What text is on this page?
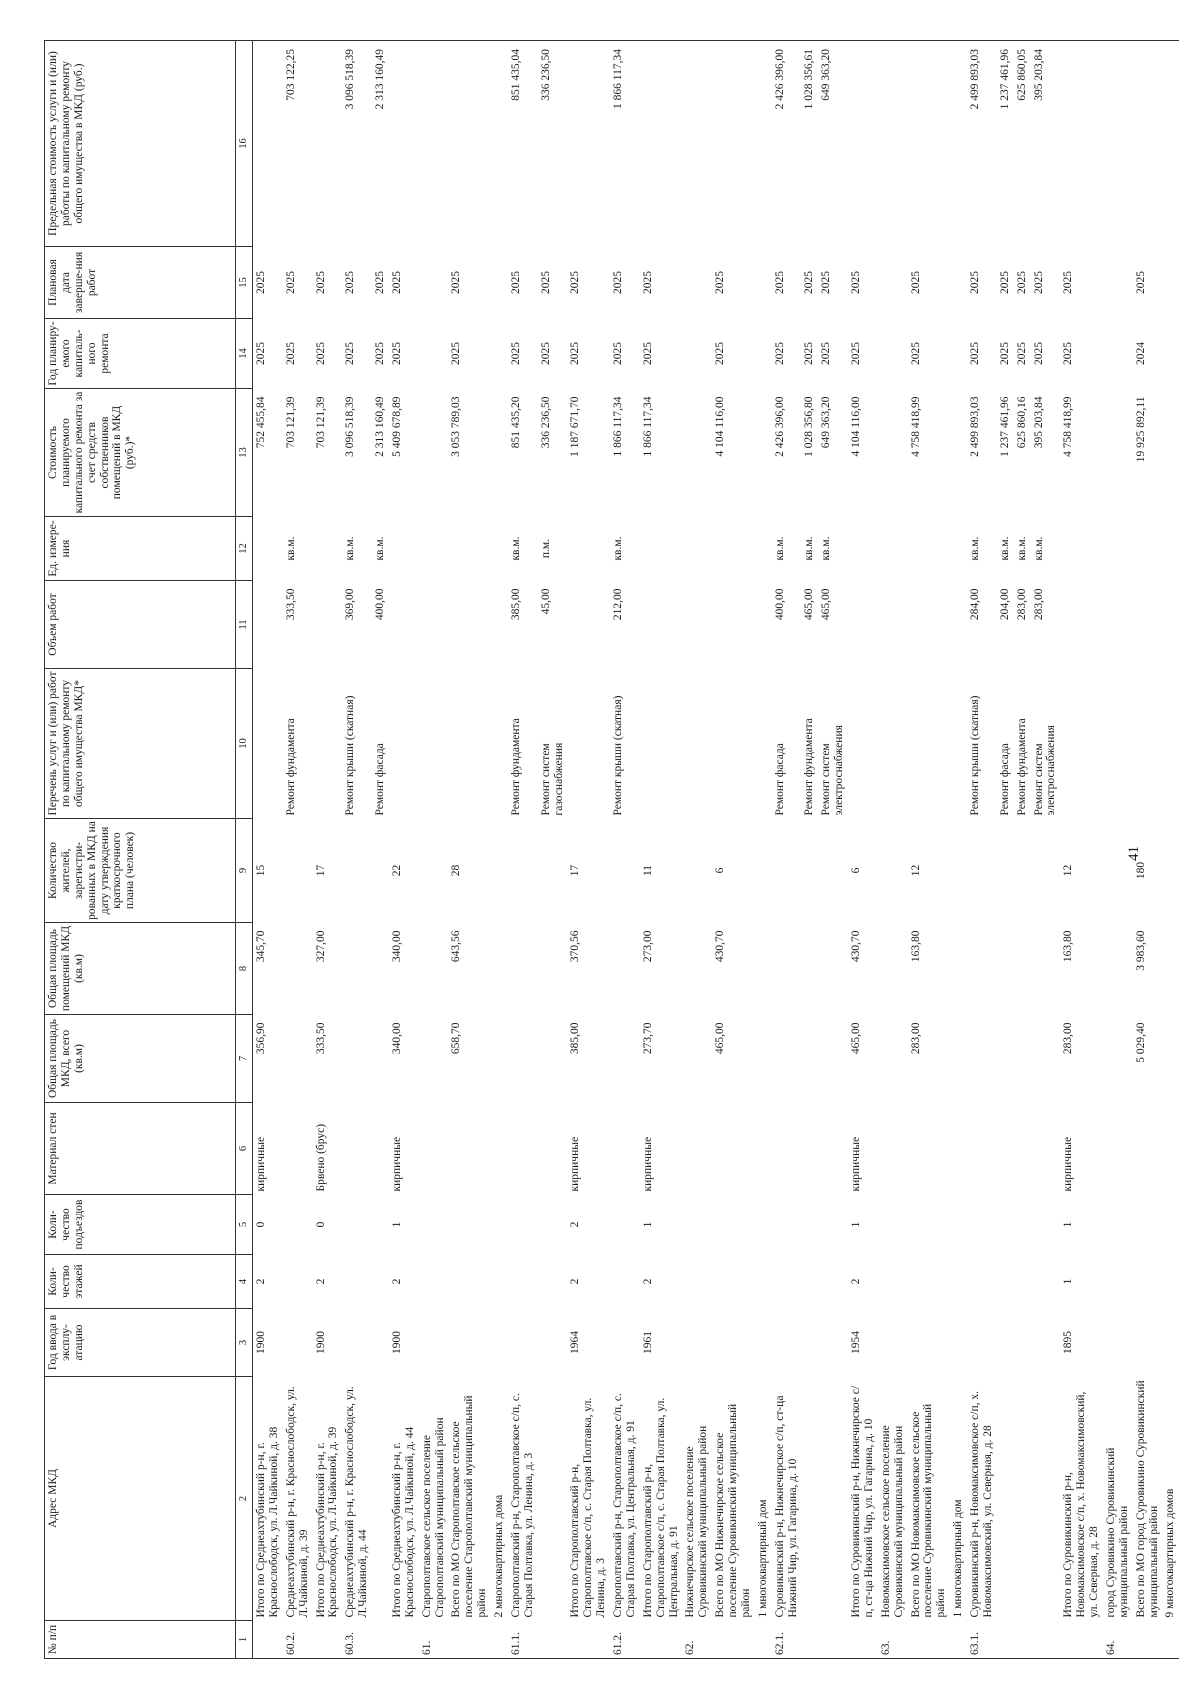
41
№ п/п	Адрес МКД	Год ввода в эксплу-атацию	Коли-чество этажей	Коли-чество подъездов	Материал стен	Общая площадь МКД, всего (кв.м)	Общая площадь помещений МКД (кв.м)	Количество жителей, зарегистри-рованных в МКД на дату утверждения краткосрочного плана (человек)	Перечень услуг и (или) работ по капитальному ремонту общего имущества МКД*	Объем работ	Ед. измере-ния	Стоимость планируемого капитального ремонта за счет средств собственников помещений в МКД (руб.)*	Год планиру-емого капиталь-ного ремонта	Плановая дата заверше-ния работ	Предельная стоимость услуги и (или) работы по капитальному ремонту общего имущества в МКД (руб.)
1	2	3	4	5	6	7	8	9	10	11	12	13	14	15	16
	Итого по Среднеахтубинский р-н, г. Краснослободск, ул. Л.Чайкиной, д. 38	1900	2	0	кирпичные	356,90	345,70	15				752 455,84	2025	2025	
60.2.	Среднеахтубинский р-н, г. Краснослободск, ул. Л.Чайкиной, д. 39								Ремонт фундамента	333,50	кв.м.	703 121,39	2025	2025	703 122,25
	Итого по Среднеахтубинский р-н, г. Краснослободск, ул. Л.Чайкиной, д. 39	1900	2	0	Брвено (брус)	333,50	327,00	17				703 121,39	2025	2025	
60.3.	Среднеахтубинский р-н, г. Краснослободск, ул. Л.Чайкиной, д. 44								Ремонт крыши (скатная)	369,00	кв.м.	3 096 518,39	2025	2025	3 096 518,39
									Ремонт фасада	400,00	кв.м.	2 313 160,49	2025	2025	2 313 160,49
	Итого по Среднеахтубинский р-н, г. Краснослободск, ул. Л.Чайкиной, д. 44	1900	2	1	кирпичные	340,00	340,00	22				5 409 678,89	2025	2025	
61.	Старополтавское сельское поселение Старополтавский муниципальный район														
	Всего по МО Старополтавское сельское поселение Старополтавский муниципальный район					658,70	643,56	28				3 053 789,03	2025	2025	
	2 многоквартирных дома														
61.1.	Старополтавский р-н, Старополтавское с/п, с. Старая Полтавка, ул. Ленина, д. 3								Ремонт фундамента	385,00	кв.м.	851 435,20	2025	2025	851 435,04
									Ремонт систем газоснабжения	45,00	п.м.	336 236,50	2025	2025	336 236,50
	Итого по Старополтавский р-н, Старополтавское с/п, с. Старая Полтавка, ул. Ленина, д. 3	1964	2	2	кирпичные	385,00	370,56	17				1 187 671,70	2025	2025	
61.2.	Старополтавский р-н, Старополтавское с/п, с. Старая Полтавка, ул. Центральная, д. 91								Ремонт крыши (скатная)	212,00	кв.м.	1 866 117,34	2025	2025	1 866 117,34
	Итого по Старополтавский р-н, Старополтавское с/п, с. Старая Полтавка, ул. Центральная, д. 91	1961	2	1	кирпичные	273,70	273,00	11				1 866 117,34	2025	2025	
62.	Нижнечирское сельское поселение Суровикинский муниципальный район														
	Всего по МО Нижнечирское сельское поселение Суровикинский муниципальный район					465,00	430,70	6				4 104 116,00	2025	2025	
	1 многоквартирный дом														
62.1.	Суровикинский р-н, Нижнечирское с/п, ст-ца Нижний Чир, ул. Гагарина, д. 10								Ремонт фасада	400,00	кв.м.	2 426 396,00	2025	2025	2 426 396,00
									Ремонт фундамента	465,00	кв.м.	1 028 356,80	2025	2025	1 028 356,61
									Ремонт систем электроснабжения	465,00	кв.м.	649 363,20	2025	2025	649 363,20
	Итого по Суровикинский р-н, Нижнечирское с/п, ст-ца Нижний Чир, ул. Гагарина, д. 10	1954	2	1	кирпичные	465,00	430,70	6				4 104 116,00	2025	2025	
63.	Новомаксимовское сельское поселение Суровикинский муниципальный район														
	Всего по МО Новомаксимовское сельское поселение Суровикинский муниципальный район					283,00	163,80	12				4 758 418,99	2025	2025	
	1 многоквартирный дом														
63.1.	Суровикинский р-н, Новомаксимовское с/п, х. Новомаксимовский, ул. Северная, д. 28								Ремонт крыши (скатная)	284,00	кв.м.	2 499 893,03	2025	2025	2 499 893,03
									Ремонт фасада	204,00	кв.м.	1 237 461,96	2025	2025	1 237 461,96
									Ремонт фундамента	283,00	кв.м.	625 860,16	2025	2025	625 860,05
									Ремонт систем электроснабжения	283,00	кв.м.	395 203,84	2025	2025	395 203,84
	Итого по Суровикинский р-н, Новомаксимовское с/п, х. Новомаксимовский, ул. Северная, д. 28	1895	1	1	кирпичные	283,00	163,80	12				4 758 418,99	2025	2025	
64.	город Суровикино Суровикинский муниципальный район														
	Всего по МО город Суровикино Суровикинский муниципальный район					5 029,40	3 983,60	180				19 925 892,11	2024	2025	
	9 многоквартирных домов														
